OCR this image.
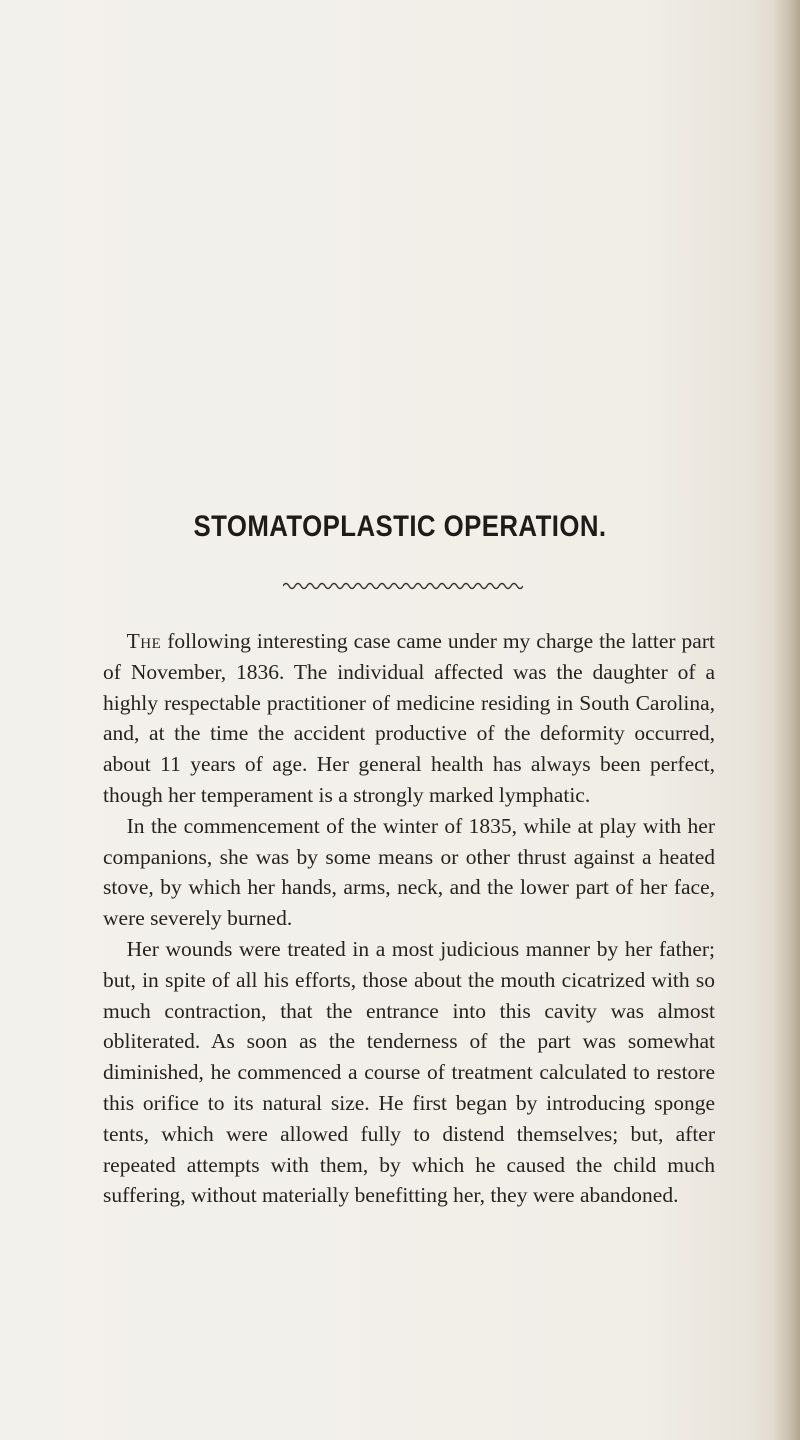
STOMATOPLASTIC OPERATION.

The following interesting case came under my charge the latter part of November, 1836. The individual affected was the daughter of a highly respectable practitioner of medicine residing in South Carolina, and, at the time the accident productive of the deformity occurred, about 11 years of age. Her general health has always been perfect, though her temperament is a strongly marked lymphatic.

In the commencement of the winter of 1835, while at play with her companions, she was by some means or other thrust against a heated stove, by which her hands, arms, neck, and the lower part of her face, were severely burned.

Her wounds were treated in a most judicious manner by her father; but, in spite of all his efforts, those about the mouth cicatrized with so much contraction, that the entrance into this cavity was almost obliterated. As soon as the tenderness of the part was somewhat diminished, he commenced a course of treatment calculated to restore this orifice to its natural size. He first began by introducing sponge tents, which were allowed fully to distend themselves; but, after repeated attempts with them, by which he caused the child much suffering, without materially benefitting her, they were abandoned.
